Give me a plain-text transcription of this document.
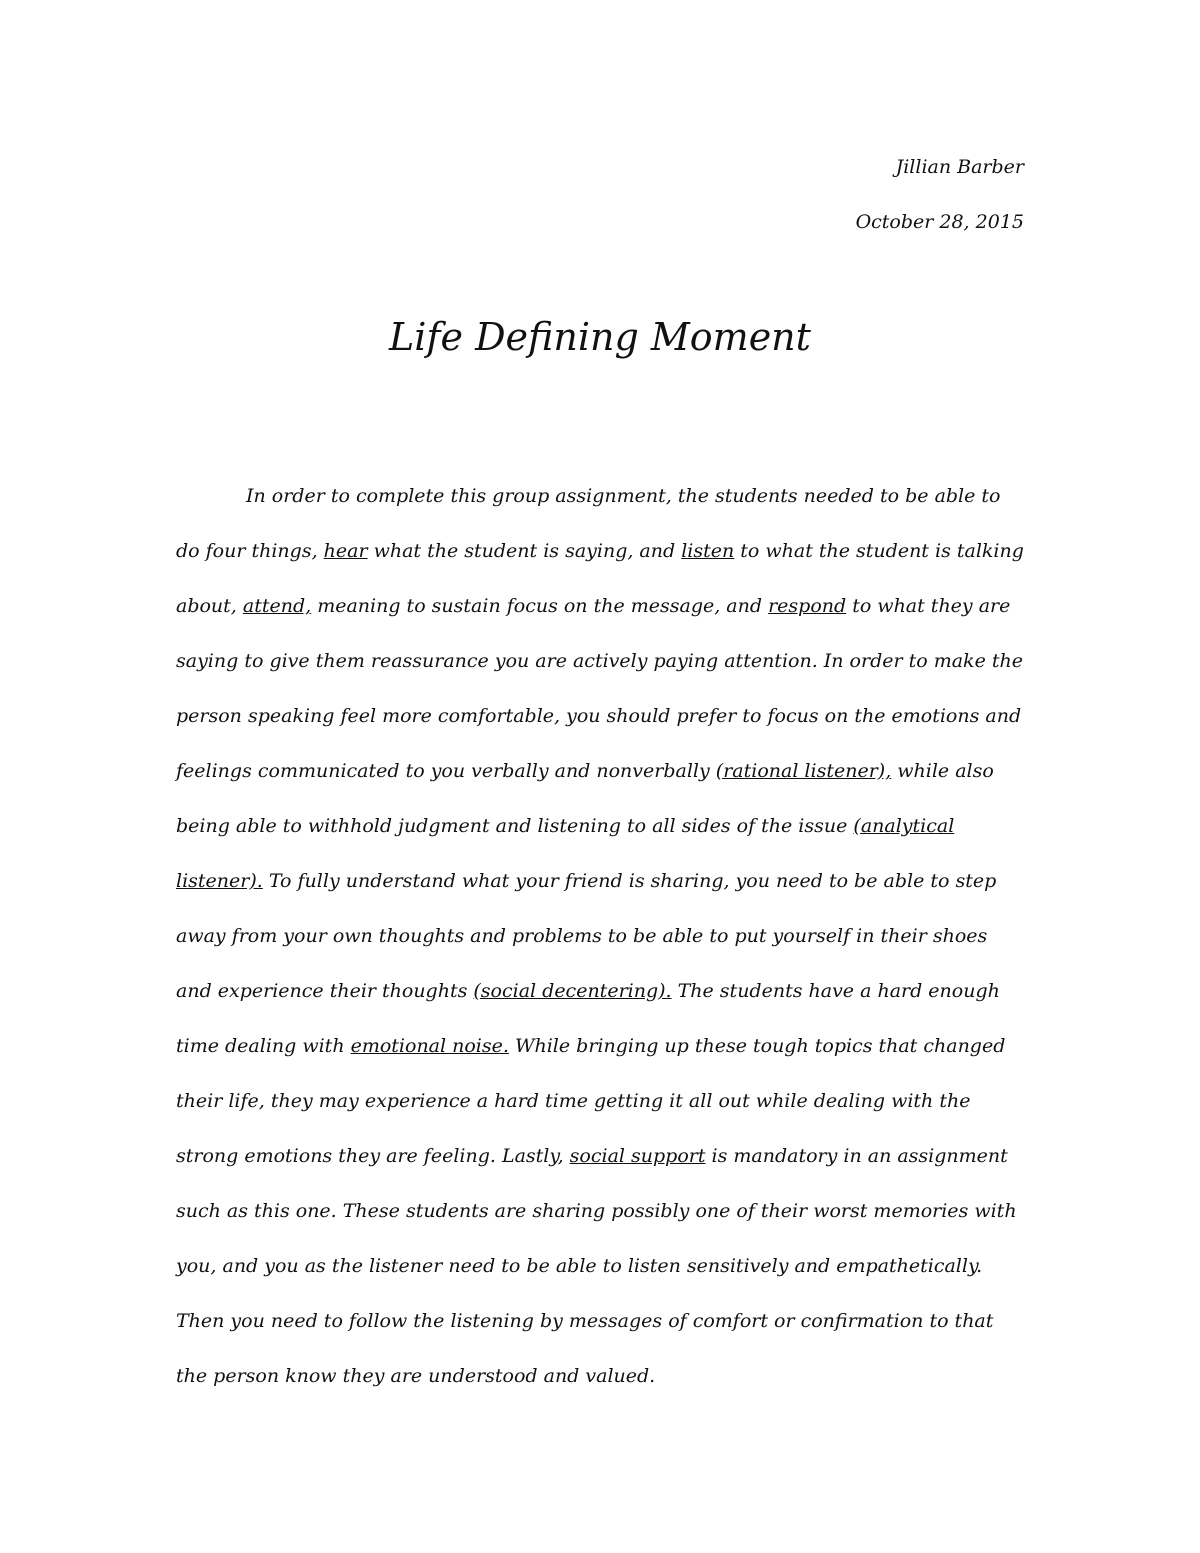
Jillian Barber
October 28, 2015
Life Defining Moment

In order to complete this group assignment, the students needed to be able to do four things, hear what the student is saying, and listen to what the student is talking about, attend, meaning to sustain focus on the message, and respond to what they are saying to give them reassurance you are actively paying attention. In order to make the person speaking feel more comfortable, you should prefer to focus on the emotions and feelings communicated to you verbally and nonverbally (rational listener), while also being able to withhold judgment and listening to all sides of the issue (analytical listener). To fully understand what your friend is sharing, you need to be able to step away from your own thoughts and problems to be able to put yourself in their shoes and experience their thoughts (social decentering). The students have a hard enough time dealing with emotional noise. While bringing up these tough topics that changed their life, they may experience a hard time getting it all out while dealing with the strong emotions they are feeling. Lastly, social support is mandatory in an assignment such as this one. These students are sharing possibly one of their worst memories with you, and you as the listener need to be able to listen sensitively and empathetically. Then you need to follow the listening by messages of comfort or confirmation to that the person know they are understood and valued.
